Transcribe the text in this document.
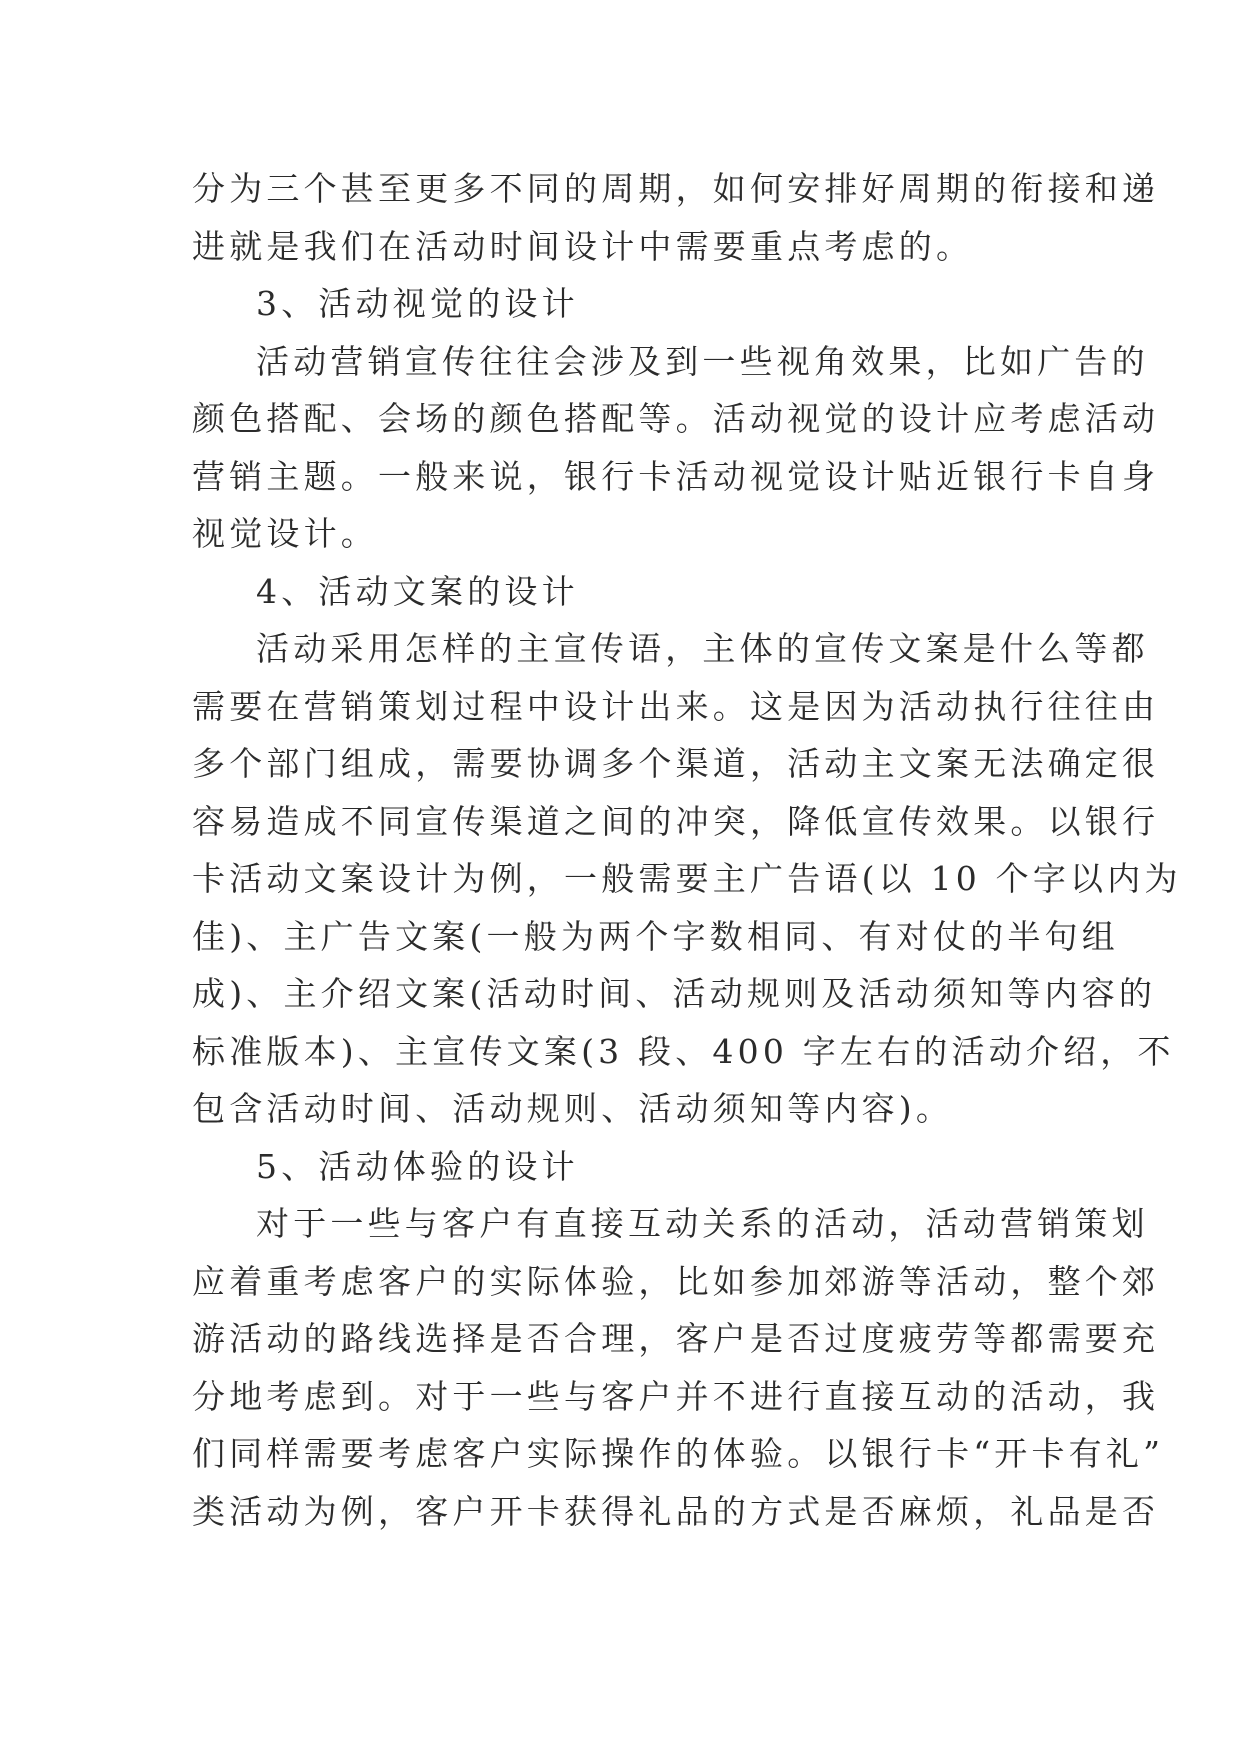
分为三个甚至更多不同的周期，如何安排好周期的衔接和递
进就是我们在活动时间设计中需要重点考虑的。
3、活动视觉的设计
活动营销宣传往往会涉及到一些视角效果，比如广告的
颜色搭配、会场的颜色搭配等。活动视觉的设计应考虑活动
营销主题。一般来说，银行卡活动视觉设计贴近银行卡自身
视觉设计。
4、活动文案的设计
活动采用怎样的主宣传语，主体的宣传文案是什么等都
需要在营销策划过程中设计出来。这是因为活动执行往往由
多个部门组成，需要协调多个渠道，活动主文案无法确定很
容易造成不同宣传渠道之间的冲突，降低宣传效果。以银行
卡活动文案设计为例，一般需要主广告语(以 10 个字以内为
佳)、主广告文案(一般为两个字数相同、有对仗的半句组
成)、主介绍文案(活动时间、活动规则及活动须知等内容的
标准版本)、主宣传文案(3 段、400 字左右的活动介绍，不
包含活动时间、活动规则、活动须知等内容)。
5、活动体验的设计
对于一些与客户有直接互动关系的活动，活动营销策划
应着重考虑客户的实际体验，比如参加郊游等活动，整个郊
游活动的路线选择是否合理，客户是否过度疲劳等都需要充
分地考虑到。对于一些与客户并不进行直接互动的活动，我
们同样需要考虑客户实际操作的体验。以银行卡“开卡有礼”
类活动为例，客户开卡获得礼品的方式是否麻烦，礼品是否
